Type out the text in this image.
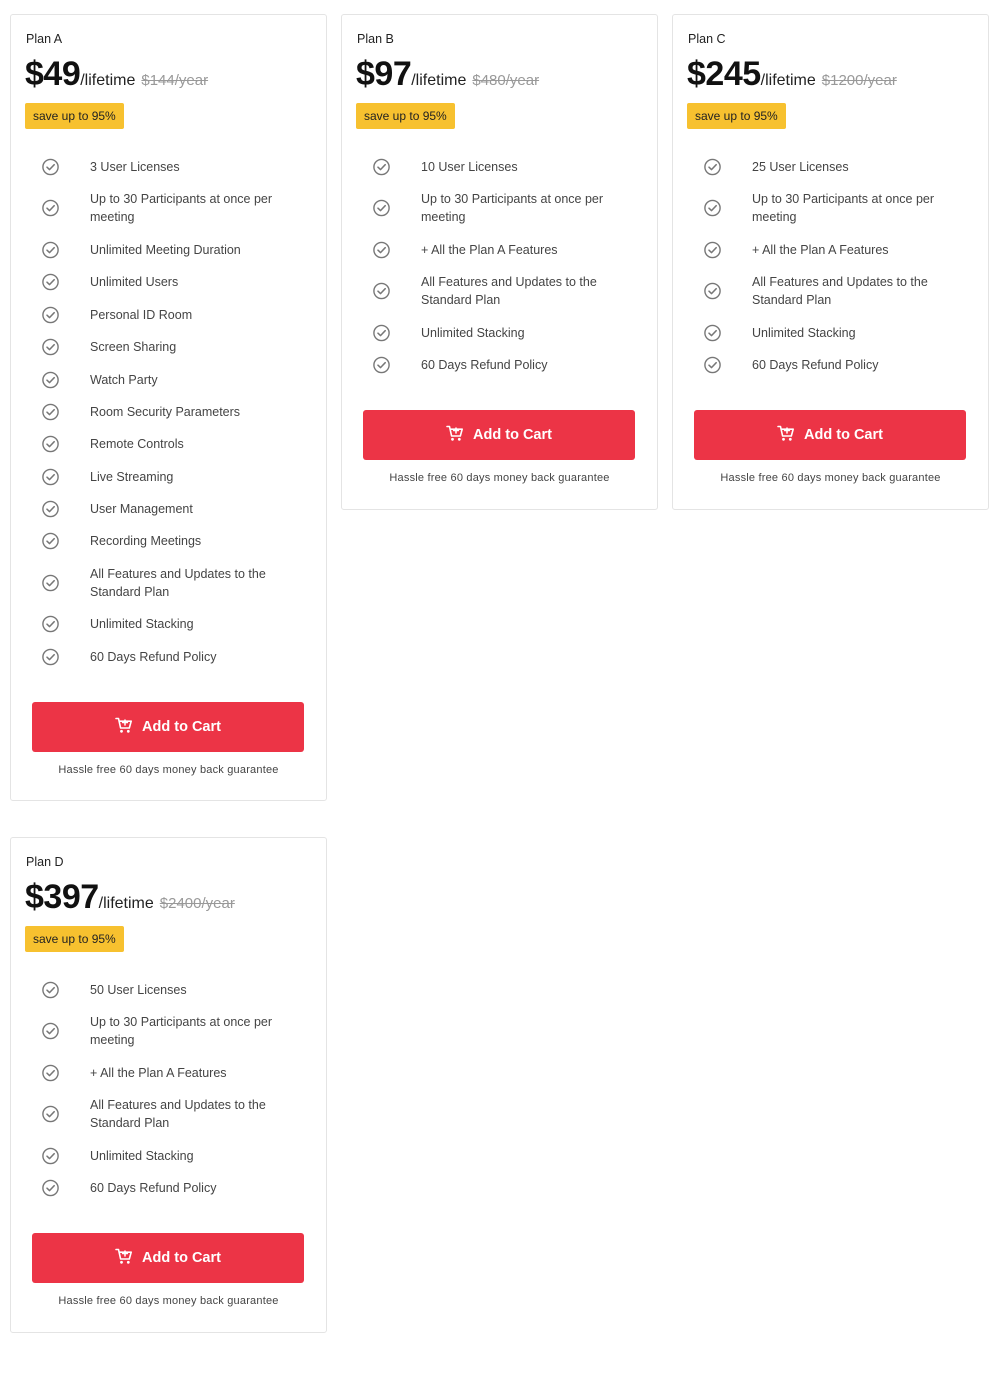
Plan A
$49/lifetime $144/year
save up to 95%
3 User Licenses
Up to 30 Participants at once per meeting
Unlimited Meeting Duration
Unlimited Users
Personal ID Room
Screen Sharing
Watch Party
Room Security Parameters
Remote Controls
Live Streaming
User Management
Recording Meetings
All Features and Updates to the Standard Plan
Unlimited Stacking
60 Days Refund Policy
Add to Cart
Hassle free 60 days money back guarantee
Plan B
$97/lifetime $480/year
save up to 95%
10 User Licenses
Up to 30 Participants at once per meeting
+ All the Plan A Features
All Features and Updates to the Standard Plan
Unlimited Stacking
60 Days Refund Policy
Add to Cart
Hassle free 60 days money back guarantee
Plan C
$245/lifetime $1200/year
save up to 95%
25 User Licenses
Up to 30 Participants at once per meeting
+ All the Plan A Features
All Features and Updates to the Standard Plan
Unlimited Stacking
60 Days Refund Policy
Add to Cart
Hassle free 60 days money back guarantee
Plan D
$397/lifetime $2400/year
save up to 95%
50 User Licenses
Up to 30 Participants at once per meeting
+ All the Plan A Features
All Features and Updates to the Standard Plan
Unlimited Stacking
60 Days Refund Policy
Add to Cart
Hassle free 60 days money back guarantee
